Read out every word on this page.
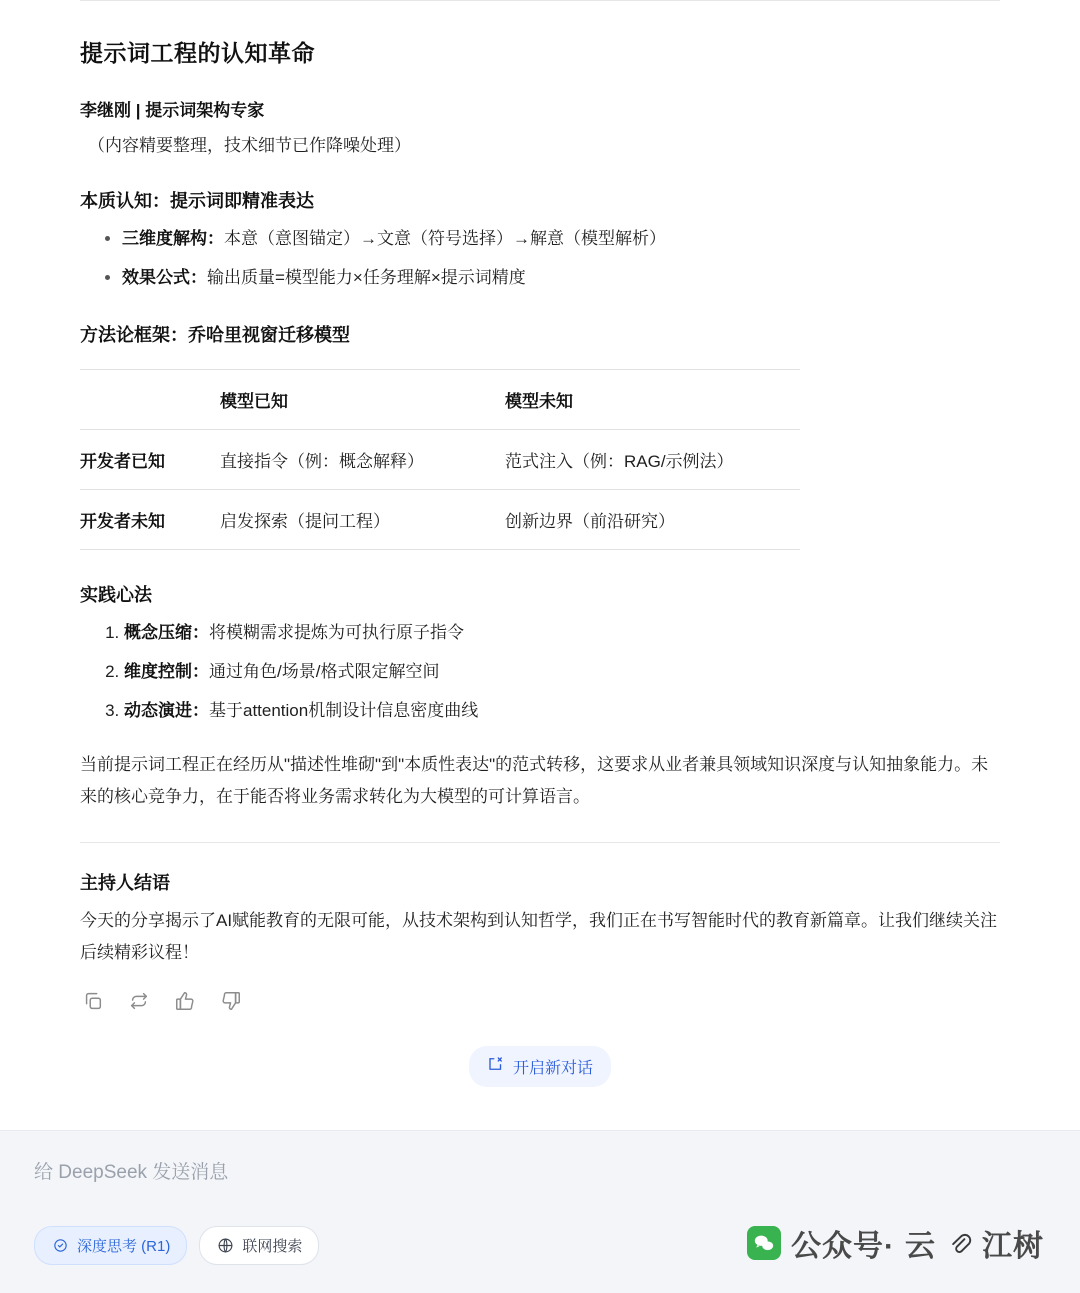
提示词工程的认知革命
李继刚 | 提示词架构专家
（内容精要整理，技术细节已作降噪处理）
本质认知：提示词即精准表达
• 三维度解构：本意（意图锚定）→文意（符号选择）→解意（模型解析）
• 效果公式：输出质量=模型能力×任务理解×提示词精度
方法论框架：乔哈里视窗迁移模型
	模型已知	模型未知
开发者已知	直接指令（例：概念解释）	范式注入（例：RAG/示例法）
开发者未知	启发探索（提问工程）	创新边界（前沿研究）
实践心法
1. 概念压缩：将模糊需求提炼为可执行原子指令
2. 维度控制：通过角色/场景/格式限定解空间
3. 动态演进：基于attention机制设计信息密度曲线

当前提示词工程正在经历从"描述性堆砌"到"本质性表达"的范式转移，这要求从业者兼具领域知识深度与认知抽象能力。未来的核心竞争力，在于能否将业务需求转化为大模型的可计算语言。

主持人结语
今天的分享揭示了AI赋能教育的无限可能，从技术架构到认知哲学，我们正在书写智能时代的教育新篇章。让我们继续关注后续精彩议程！
开启新对话
给 DeepSeek 发送消息
深度思考 (R1)	联网搜索	公众号· 云 江树
